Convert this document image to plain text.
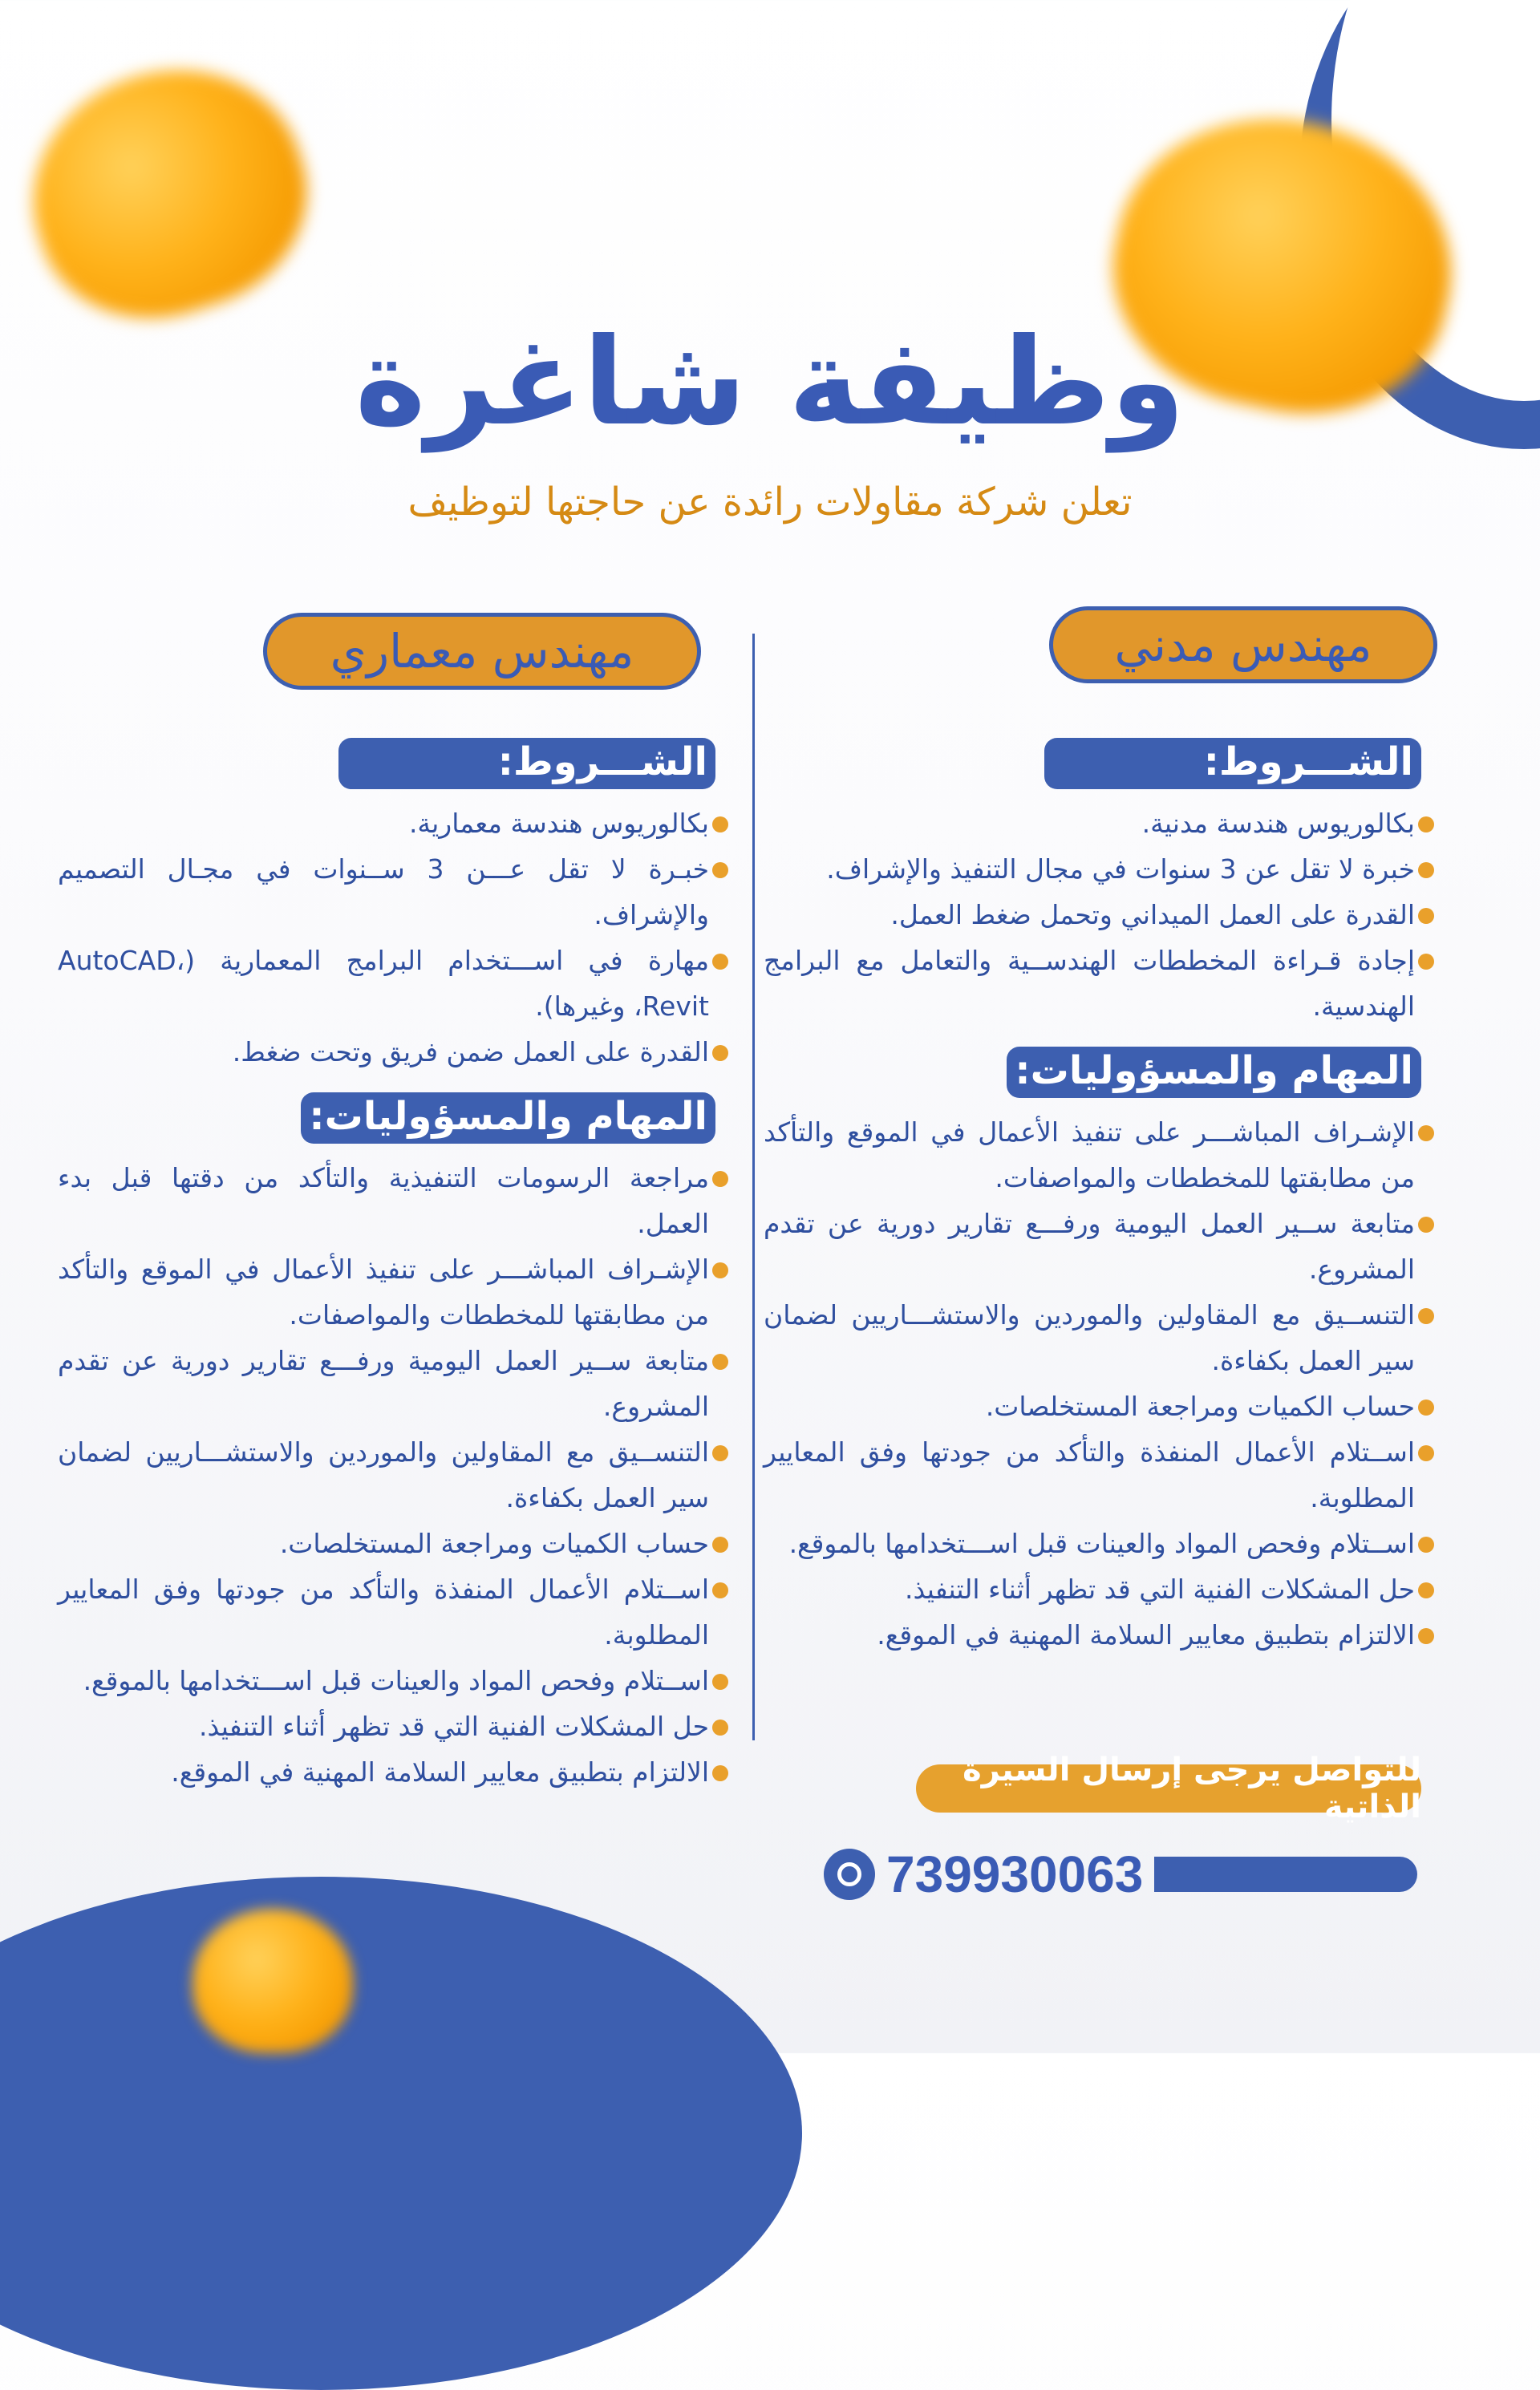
وظيفة شاغرة
تعلن شركة مقاولات رائدة عن حاجتها لتوظيف
مهندس مدني
مهندس معماري
الشـــروط:
بكالوريوس هندسة مدنية.
خبرة لا تقل عن 3 سنوات في مجال التنفيذ والإشراف.
القدرة على العمل الميداني وتحمل ضغط العمل.
إجادة قـراءة المخططات الهندســية والتعامل مع البرامج الهندسية.
المهام والمسؤوليات:
الإشـراف المباشـــر على تنفيذ الأعمال في الموقع والتأكد من مطابقتها للمخططات والمواصفات.
متابعة ســير العمل اليومية ورفـــع تقارير دورية عن تقدم المشروع.
التنســيق مع المقاولين والموردين والاستشـــاريين لضمان سير العمل بكفاءة.
حساب الكميات ومراجعة المستخلصات.
اســتلام الأعمال المنفذة والتأكد من جودتها وفق المعايير المطلوبة.
اســتلام وفحص المواد والعينات قبل اســـتخدامها بالموقع.
حل المشكلات الفنية التي قد تظهر أثناء التنفيذ.
الالتزام بتطبيق معايير السلامة المهنية في الموقع.
الشـــروط:
بكالوريوس هندسة معمارية.
خبـرة لا تقل عـــن 3 ســنوات في مجـال التصميم والإشراف.
مهارة في اســـتخدام البرامج المعمارية (AutoCAD، Revit، وغيرها).
القدرة على العمل ضمن فريق وتحت ضغط.
المهام والمسؤوليات:
مراجعة الرسومات التنفيذية والتأكد من دقتها قبل بدء العمل.
الإشـراف المباشـــر على تنفيذ الأعمال في الموقع والتأكد من مطابقتها للمخططات والمواصفات.
متابعة ســير العمل اليومية ورفـــع تقارير دورية عن تقدم المشروع.
التنســيق مع المقاولين والموردين والاستشـــاريين لضمان سير العمل بكفاءة.
حساب الكميات ومراجعة المستخلصات.
اســتلام الأعمال المنفذة والتأكد من جودتها وفق المعايير المطلوبة.
اســتلام وفحص المواد والعينات قبل اســـتخدامها بالموقع.
حل المشكلات الفنية التي قد تظهر أثناء التنفيذ.
الالتزام بتطبيق معايير السلامة المهنية في الموقع.	للتواصل يرجى إرسال السيرة الذاتية
739930063
